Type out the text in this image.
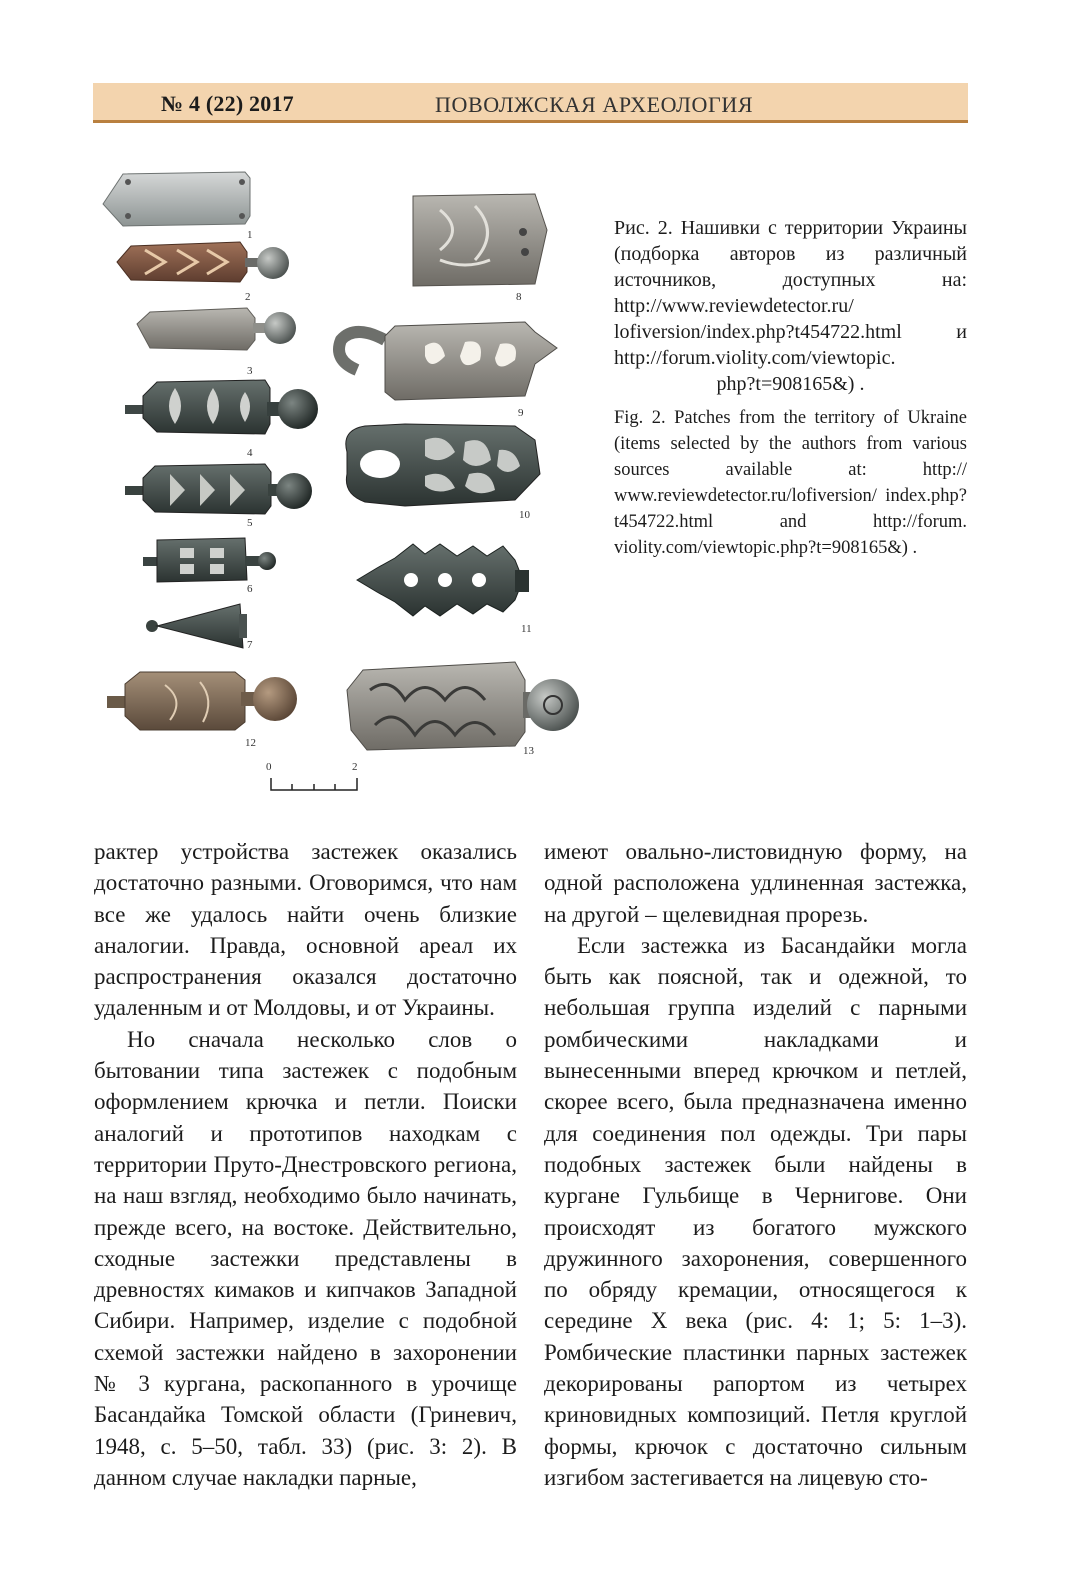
№ 4 (22) 2017	ПОВОЛЖСКАЯ АРХЕОЛОГИЯ
1
2
3
4
5
6
7
8
9
10
11
12
13
0	2
Рис. 2. Нашивки с территории Украины (подборка авторов из различный источников, доступных на: http://www.reviewdetector.ru/ lofiversion/index.php?t454722.html и http://forum.violity.com/viewtopic.
php?t=908165&) .
Fig. 2. Patches from the territory of Ukraine (items selected by the authors from various sources available at: http:// www.reviewdetector.ru/lofiversion/ index.php?t454722.html and http://forum. violity.com/viewtopic.php?t=908165&) .

рактер устройства застежек оказались достаточно разными. Оговоримся, что нам все же удалось найти очень близкие аналогии. Правда, основной ареал их распространения оказался достаточно удаленным и от Молдовы, и от Украины.

Но сначала несколько слов о бытовании типа застежек с подобным оформлением крючка и петли. Поиски аналогий и прототипов находкам с территории Пруто-Днестровского региона, на наш взгляд, необходимо было начинать, прежде всего, на востоке. Действительно, сходные застежки представлены в древностях кимаков и кипчаков Западной Сибири. Например, изделие с подобной схемой застежки найдено в захоронении № 3 кургана, раскопанного в урочище Басандайка Томской области (Гриневич, 1948, с. 5–50, табл. 33) (рис. 3: 2). В данном случае накладки парные,

имеют овально-листовидную форму, на одной расположена удлиненная застежка, на другой – щелевидная прорезь.

Если застежка из Басандайки могла быть как поясной, так и одежной, то небольшая группа изделий с парными ромбическими накладками и вынесенными вперед крючком и петлей, скорее всего, была предназначена именно для соединения пол одежды. Три пары подобных застежек были найдены в кургане Гульбище в Чернигове. Они происходят из богатого мужского дружинного захоронения, совершенного по обряду кремации, относящегося к середине Х века (рис. 4: 1; 5: 1–3). Ромбические пластинки парных застежек декорированы рапортом из четырех криновидных композиций. Петля круглой формы, крючок с достаточно сильным изгибом застегивается на лицевую сто-
